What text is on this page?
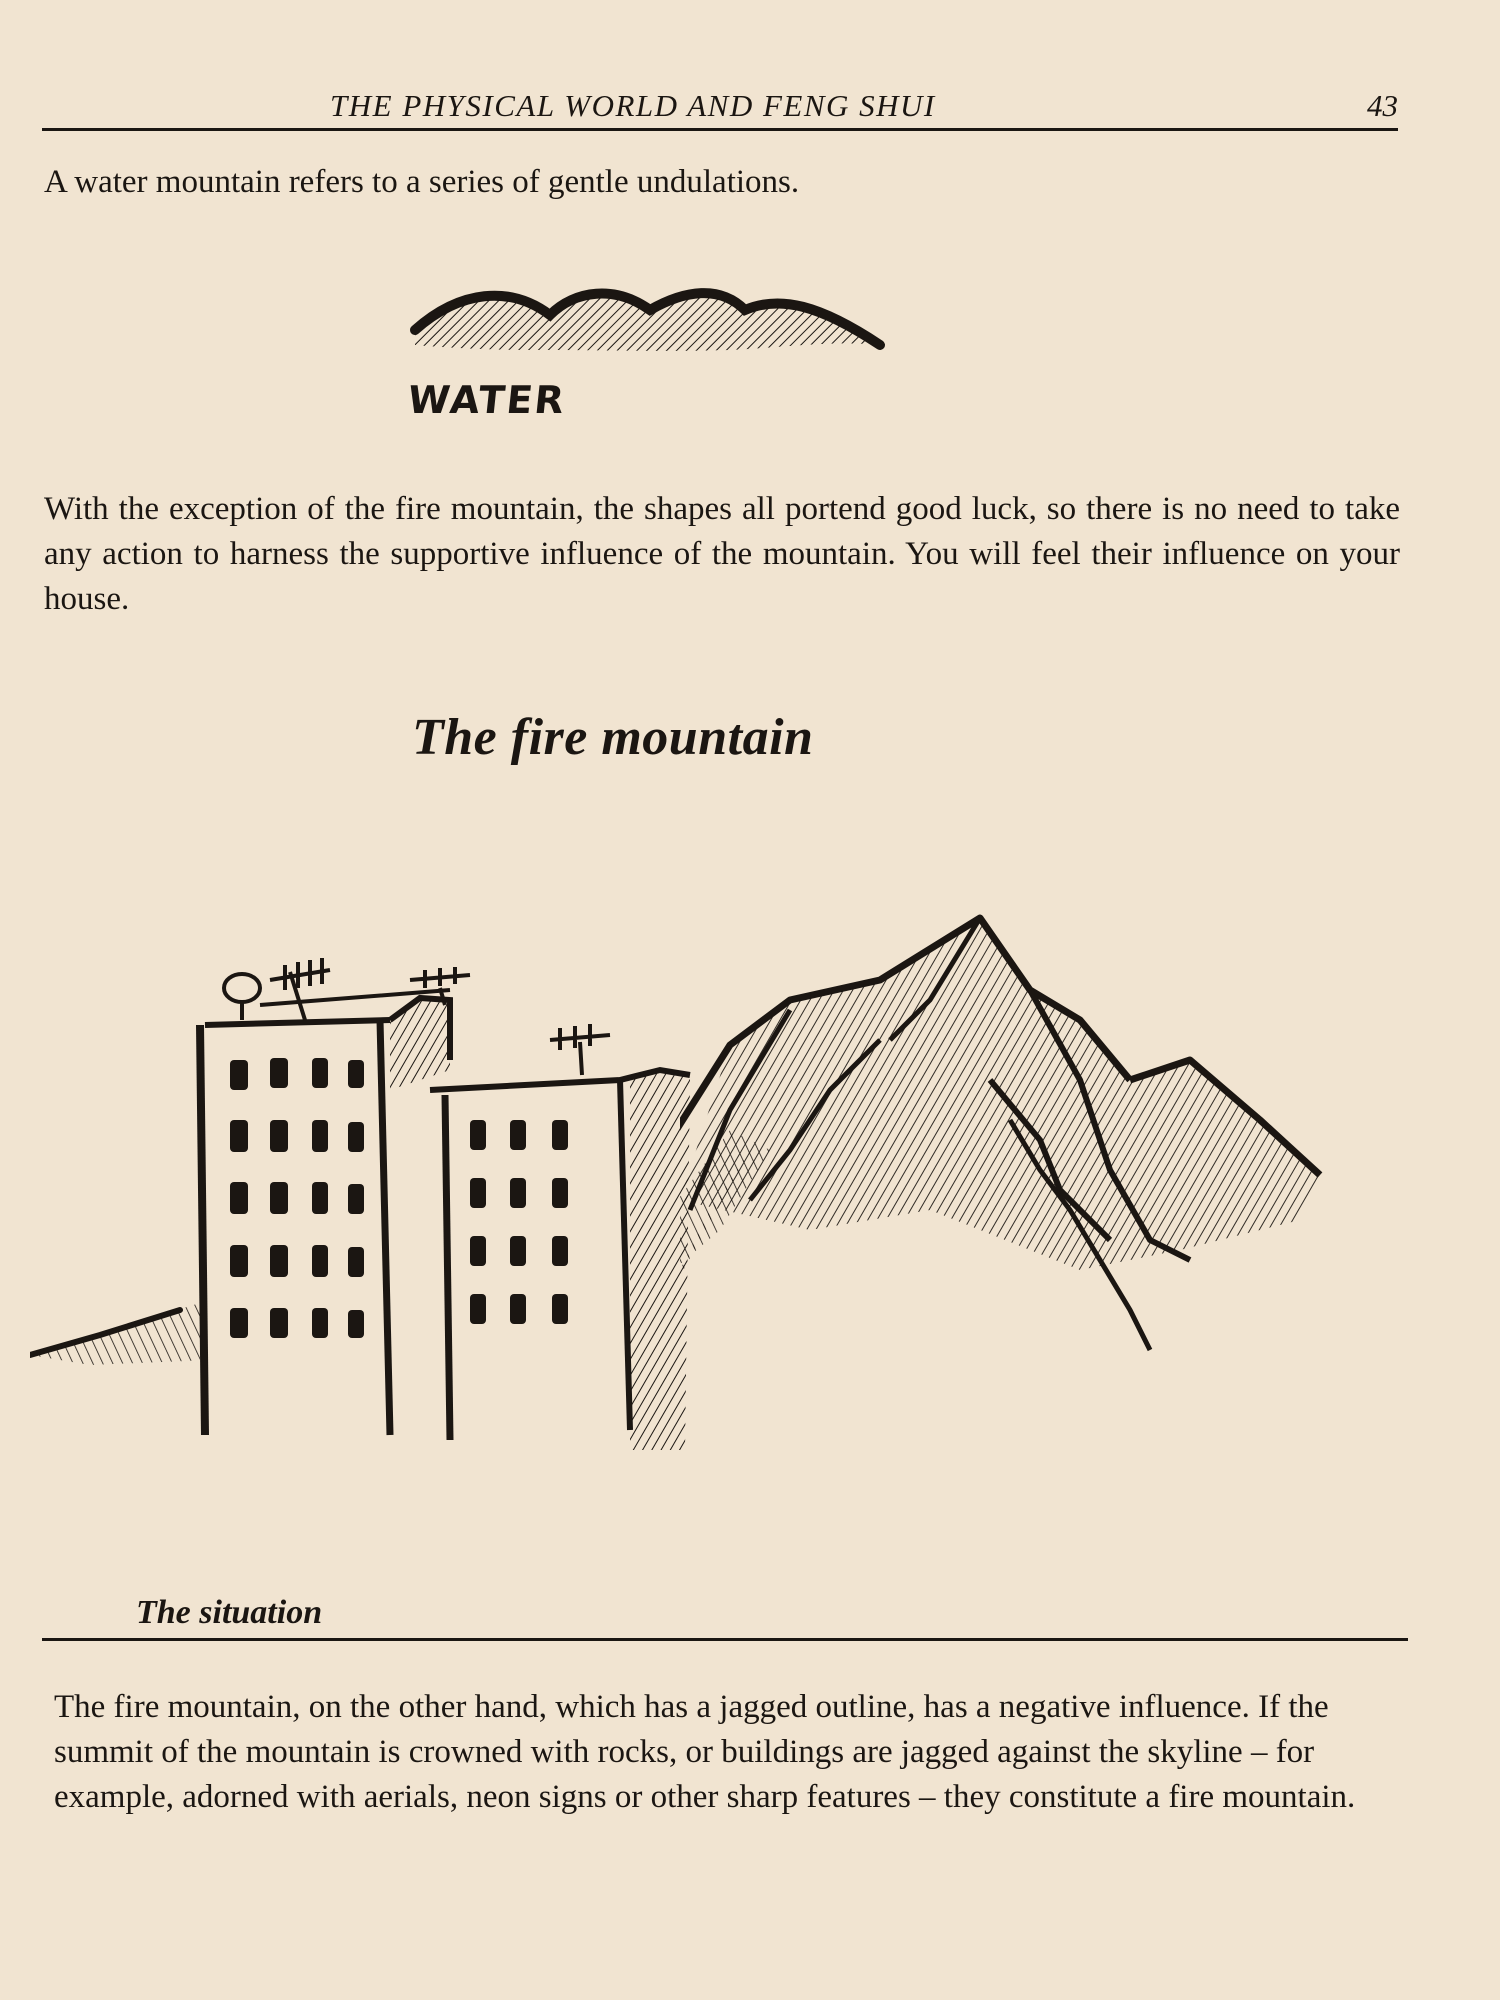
THE PHYSICAL WORLD AND FENG SHUI	43

A water mountain refers to a series of gentle undulations.

WATER

With the exception of the fire mountain, the shapes all portend good luck, so there is no need to take any action to harness the supportive influence of the mountain. You will feel their influence on your house.

The fire mountain
The situation

The fire mountain, on the other hand, which has a jagged outline, has a negative influence. If the summit of the mountain is crowned with rocks, or buildings are jagged against the skyline – for example, adorned with aerials, neon signs or other sharp features – they constitute a fire mountain.
